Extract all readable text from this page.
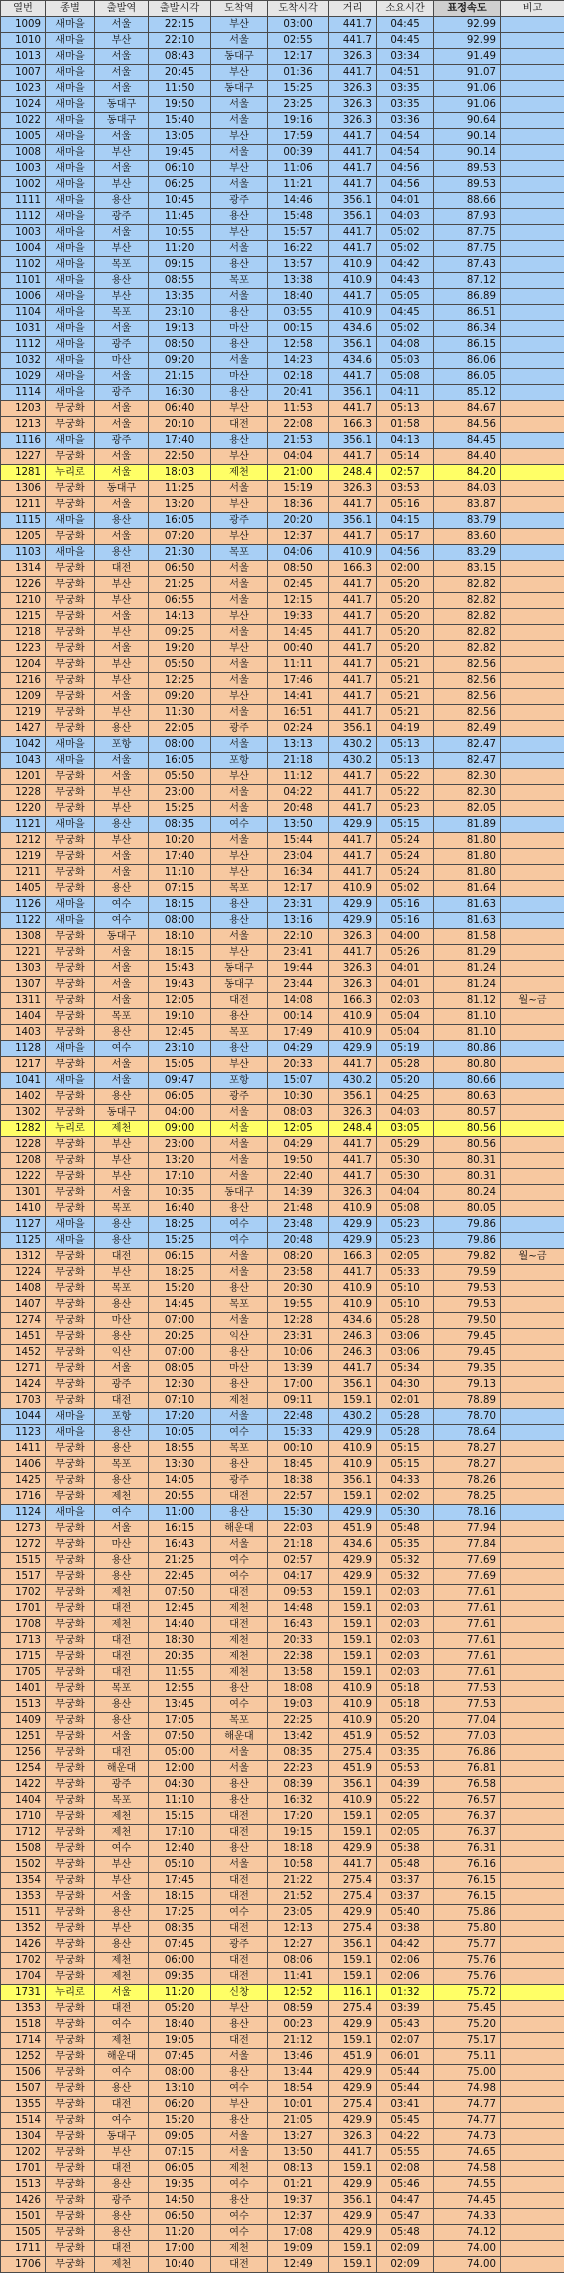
열번	종별	출발역	출발시각	도착역	도착시각	거리	소요시간	표정속도	비고
1009	새마을	서울	22:15	부산	03:00	441.7	04:45	92.99	
1010	새마을	부산	22:10	서울	02:55	441.7	04:45	92.99	
1013	새마을	서울	08:43	동대구	12:17	326.3	03:34	91.49	
1007	새마을	서울	20:45	부산	01:36	441.7	04:51	91.07	
1023	새마을	서울	11:50	동대구	15:25	326.3	03:35	91.06	
1024	새마을	동대구	19:50	서울	23:25	326.3	03:35	91.06	
1022	새마을	동대구	15:40	서울	19:16	326.3	03:36	90.64	
1005	새마을	서울	13:05	부산	17:59	441.7	04:54	90.14	
1008	새마을	부산	19:45	서울	00:39	441.7	04:54	90.14	
1003	새마을	서울	06:10	부산	11:06	441.7	04:56	89.53	
1002	새마을	부산	06:25	서울	11:21	441.7	04:56	89.53	
1111	새마을	용산	10:45	광주	14:46	356.1	04:01	88.66	
1112	새마을	광주	11:45	용산	15:48	356.1	04:03	87.93	
1003	새마을	서울	10:55	부산	15:57	441.7	05:02	87.75	
1004	새마을	부산	11:20	서울	16:22	441.7	05:02	87.75	
1102	새마을	목포	09:15	용산	13:57	410.9	04:42	87.43	
1101	새마을	용산	08:55	목포	13:38	410.9	04:43	87.12	
1006	새마을	부산	13:35	서울	18:40	441.7	05:05	86.89	
1104	새마을	목포	23:10	용산	03:55	410.9	04:45	86.51	
1031	새마을	서울	19:13	마산	00:15	434.6	05:02	86.34	
1112	새마을	광주	08:50	용산	12:58	356.1	04:08	86.15	
1032	새마을	마산	09:20	서울	14:23	434.6	05:03	86.06	
1029	새마을	서울	21:15	마산	02:18	441.7	05:08	86.05	
1114	새마을	광주	16:30	용산	20:41	356.1	04:11	85.12	
1203	무궁화	서울	06:40	부산	11:53	441.7	05:13	84.67	
1213	무궁화	서울	20:10	대전	22:08	166.3	01:58	84.56	
1116	새마을	광주	17:40	용산	21:53	356.1	04:13	84.45	
1227	무궁화	서울	22:50	부산	04:04	441.7	05:14	84.40	
1281	누리로	서울	18:03	제천	21:00	248.4	02:57	84.20	
1306	무궁화	동대구	11:25	서울	15:19	326.3	03:53	84.03	
1211	무궁화	서울	13:20	부산	18:36	441.7	05:16	83.87	
1115	새마을	용산	16:05	광주	20:20	356.1	04:15	83.79	
1205	무궁화	서울	07:20	부산	12:37	441.7	05:17	83.60	
1103	새마을	용산	21:30	목포	04:06	410.9	04:56	83.29	
1314	무궁화	대전	06:50	서울	08:50	166.3	02:00	83.15	
1226	무궁화	부산	21:25	서울	02:45	441.7	05:20	82.82	
1210	무궁화	부산	06:55	서울	12:15	441.7	05:20	82.82	
1215	무궁화	서울	14:13	부산	19:33	441.7	05:20	82.82	
1218	무궁화	부산	09:25	서울	14:45	441.7	05:20	82.82	
1223	무궁화	서울	19:20	부산	00:40	441.7	05:20	82.82	
1204	무궁화	부산	05:50	서울	11:11	441.7	05:21	82.56	
1216	무궁화	부산	12:25	서울	17:46	441.7	05:21	82.56	
1209	무궁화	서울	09:20	부산	14:41	441.7	05:21	82.56	
1219	무궁화	부산	11:30	서울	16:51	441.7	05:21	82.56	
1427	무궁화	용산	22:05	광주	02:24	356.1	04:19	82.49	
1042	새마을	포항	08:00	서울	13:13	430.2	05:13	82.47	
1043	새마을	서울	16:05	포항	21:18	430.2	05:13	82.47	
1201	무궁화	서울	05:50	부산	11:12	441.7	05:22	82.30	
1228	무궁화	부산	23:00	서울	04:22	441.7	05:22	82.30	
1220	무궁화	부산	15:25	서울	20:48	441.7	05:23	82.05	
1121	새마을	용산	08:35	여수	13:50	429.9	05:15	81.89	
1212	무궁화	부산	10:20	서울	15:44	441.7	05:24	81.80	
1219	무궁화	서울	17:40	부산	23:04	441.7	05:24	81.80	
1211	무궁화	서울	11:10	부산	16:34	441.7	05:24	81.80	
1405	무궁화	용산	07:15	목포	12:17	410.9	05:02	81.64	
1126	새마을	여수	18:15	용산	23:31	429.9	05:16	81.63	
1122	새마을	여수	08:00	용산	13:16	429.9	05:16	81.63	
1308	무궁화	동대구	18:10	서울	22:10	326.3	04:00	81.58	
1221	무궁화	서울	18:15	부산	23:41	441.7	05:26	81.29	
1303	무궁화	서울	15:43	동대구	19:44	326.3	04:01	81.24	
1307	무궁화	서울	19:43	동대구	23:44	326.3	04:01	81.24	
1311	무궁화	서울	12:05	대전	14:08	166.3	02:03	81.12	월~금
1404	무궁화	목포	19:10	용산	00:14	410.9	05:04	81.10	
1403	무궁화	용산	12:45	목포	17:49	410.9	05:04	81.10	
1128	새마을	여수	23:10	용산	04:29	429.9	05:19	80.86	
1217	무궁화	서울	15:05	부산	20:33	441.7	05:28	80.80	
1041	새마을	서울	09:47	포항	15:07	430.2	05:20	80.66	
1402	무궁화	용산	06:05	광주	10:30	356.1	04:25	80.63	
1302	무궁화	동대구	04:00	서울	08:03	326.3	04:03	80.57	
1282	누리로	제천	09:00	서울	12:05	248.4	03:05	80.56	
1228	무궁화	부산	23:00	서울	04:29	441.7	05:29	80.56	
1208	무궁화	부산	13:20	서울	19:50	441.7	05:30	80.31	
1222	무궁화	부산	17:10	서울	22:40	441.7	05:30	80.31	
1301	무궁화	서울	10:35	동대구	14:39	326.3	04:04	80.24	
1410	무궁화	목포	16:40	용산	21:48	410.9	05:08	80.05	
1127	새마을	용산	18:25	여수	23:48	429.9	05:23	79.86	
1125	새마을	용산	15:25	여수	20:48	429.9	05:23	79.86	
1312	무궁화	대전	06:15	서울	08:20	166.3	02:05	79.82	월~금
1224	무궁화	부산	18:25	서울	23:58	441.7	05:33	79.59	
1408	무궁화	목포	15:20	용산	20:30	410.9	05:10	79.53	
1407	무궁화	용산	14:45	목포	19:55	410.9	05:10	79.53	
1274	무궁화	마산	07:00	서울	12:28	434.6	05:28	79.50	
1451	무궁화	용산	20:25	익산	23:31	246.3	03:06	79.45	
1452	무궁화	익산	07:00	용산	10:06	246.3	03:06	79.45	
1271	무궁화	서울	08:05	마산	13:39	441.7	05:34	79.35	
1424	무궁화	광주	12:30	용산	17:00	356.1	04:30	79.13	
1703	무궁화	대전	07:10	제천	09:11	159.1	02:01	78.89	
1044	새마을	포항	17:20	서울	22:48	430.2	05:28	78.70	
1123	새마을	용산	10:05	여수	15:33	429.9	05:28	78.64	
1411	무궁화	용산	18:55	목포	00:10	410.9	05:15	78.27	
1406	무궁화	목포	13:30	용산	18:45	410.9	05:15	78.27	
1425	무궁화	용산	14:05	광주	18:38	356.1	04:33	78.26	
1716	무궁화	제천	20:55	대전	22:57	159.1	02:02	78.25	
1124	새마을	여수	11:00	용산	15:30	429.9	05:30	78.16	
1273	무궁화	서울	16:15	해운대	22:03	451.9	05:48	77.94	
1272	무궁화	마산	16:43	서울	21:18	434.6	05:35	77.84	
1515	무궁화	용산	21:25	여수	02:57	429.9	05:32	77.69	
1517	무궁화	용산	22:45	여수	04:17	429.9	05:32	77.69	
1702	무궁화	제천	07:50	대전	09:53	159.1	02:03	77.61	
1701	무궁화	대전	12:45	제천	14:48	159.1	02:03	77.61	
1708	무궁화	제천	14:40	대전	16:43	159.1	02:03	77.61	
1713	무궁화	대전	18:30	제천	20:33	159.1	02:03	77.61	
1715	무궁화	대전	20:35	제천	22:38	159.1	02:03	77.61	
1705	무궁화	대전	11:55	제천	13:58	159.1	02:03	77.61	
1401	무궁화	목포	12:55	용산	18:08	410.9	05:18	77.53	
1513	무궁화	용산	13:45	여수	19:03	410.9	05:18	77.53	
1409	무궁화	용산	17:05	목포	22:25	410.9	05:20	77.04	
1251	무궁화	서울	07:50	해운대	13:42	451.9	05:52	77.03	
1256	무궁화	대전	05:00	서울	08:35	275.4	03:35	76.86	
1254	무궁화	해운대	12:00	서울	22:23	451.9	05:53	76.81	
1422	무궁화	광주	04:30	용산	08:39	356.1	04:39	76.58	
1404	무궁화	목포	11:10	용산	16:32	410.9	05:22	76.57	
1710	무궁화	제천	15:15	대전	17:20	159.1	02:05	76.37	
1712	무궁화	제천	17:10	대전	19:15	159.1	02:05	76.37	
1508	무궁화	여수	12:40	용산	18:18	429.9	05:38	76.31	
1502	무궁화	부산	05:10	서울	10:58	441.7	05:48	76.16	
1354	무궁화	부산	17:45	대전	21:22	275.4	03:37	76.15	
1353	무궁화	서울	18:15	대전	21:52	275.4	03:37	76.15	
1511	무궁화	용산	17:25	여수	23:05	429.9	05:40	75.86	
1352	무궁화	부산	08:35	대전	12:13	275.4	03:38	75.80	
1426	무궁화	용산	07:45	광주	12:27	356.1	04:42	75.77	
1702	무궁화	제천	06:00	대전	08:06	159.1	02:06	75.76	
1704	무궁화	제천	09:35	대전	11:41	159.1	02:06	75.76	
1731	누리로	서울	11:20	신창	12:52	116.1	01:32	75.72	
1353	무궁화	대전	05:20	부산	08:59	275.4	03:39	75.45	
1518	무궁화	여수	18:40	용산	00:23	429.9	05:43	75.20	
1714	무궁화	제천	19:05	대전	21:12	159.1	02:07	75.17	
1252	무궁화	해운대	07:45	서울	13:46	451.9	06:01	75.11	
1506	무궁화	여수	08:00	용산	13:44	429.9	05:44	75.00	
1507	무궁화	용산	13:10	여수	18:54	429.9	05:44	74.98	
1355	무궁화	대전	06:20	부산	10:01	275.4	03:41	74.77	
1514	무궁화	여수	15:20	용산	21:05	429.9	05:45	74.77	
1304	무궁화	동대구	09:05	서울	13:27	326.3	04:22	74.73	
1202	무궁화	부산	07:15	서울	13:50	441.7	05:55	74.65	
1701	무궁화	대전	06:05	제천	08:13	159.1	02:08	74.58	
1513	무궁화	용산	19:35	여수	01:21	429.9	05:46	74.55	
1426	무궁화	광주	14:50	용산	19:37	356.1	04:47	74.45	
1501	무궁화	용산	06:50	여수	12:37	429.9	05:47	74.33	
1505	무궁화	용산	11:20	여수	17:08	429.9	05:48	74.12	
1711	무궁화	대전	17:00	제천	19:09	159.1	02:09	74.00	
1706	무궁화	제천	10:40	대전	12:49	159.1	02:09	74.00	
